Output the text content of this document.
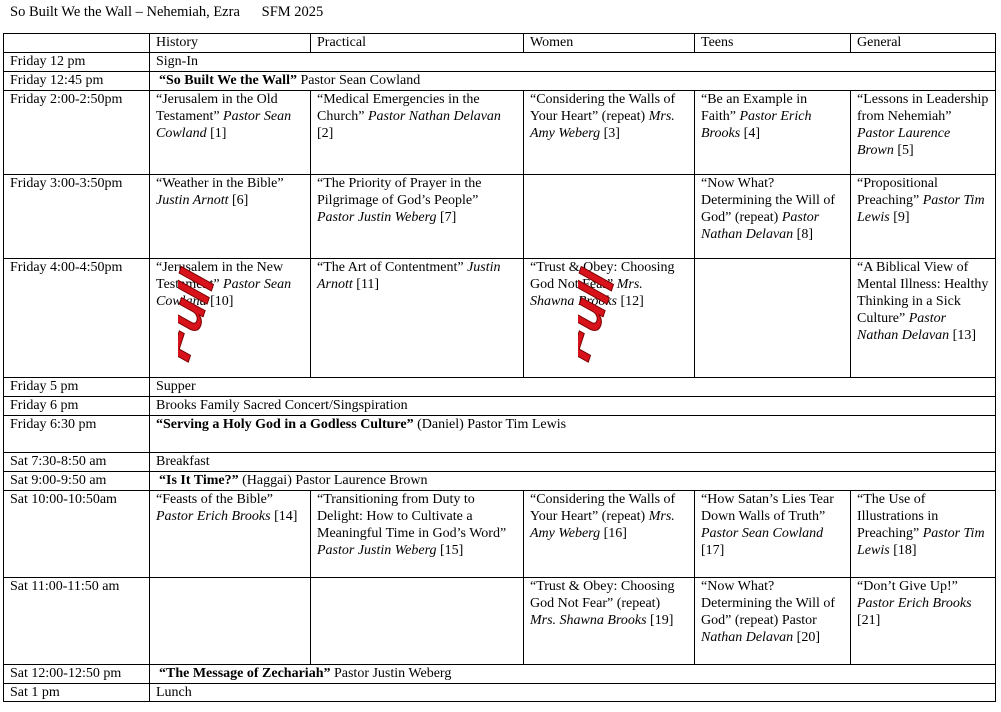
So Built We the Wall – Nehemiah, Ezra SFM 2025
	History	Practical	Women	Teens	General
Friday 12 pm	Sign-In				
Friday 12:45 pm	“So Built We the Wall” Pastor Sean Cowland				
Friday 2:00-2:50pm	“Jerusalem in the Old Testament” Pastor Sean Cowland [1]	“Medical Emergencies in the Church” Pastor Nathan Delavan [2]	“Considering the Walls of Your Heart” (repeat) Mrs. Amy Weberg [3]	“Be an Example in Faith” Pastor Erich Brooks [4]	“Lessons in Leadership from Nehemiah” Pastor Laurence Brown [5]
Friday 3:00-3:50pm	“Weather in the Bible” Justin Arnott [6]	“The Priority of Prayer in the Pilgrimage of God’s People” Pastor Justin Weberg [7]		“Now What? Determining the Will of God” (repeat) Pastor Nathan Delavan [8]	“Propositional Preaching” Pastor Tim Lewis [9]
Friday 4:00-4:50pm	“Jerusalem in the New Testament” Pastor Sean Cowland [10]	“The Art of Contentment” Justin Arnott [11]	“Trust & Obey: Choosing God Not Fear” Mrs. Shawna Brooks [12]		“A Biblical View of Mental Illness: Healthy Thinking in a Sick Culture” Pastor Nathan Delavan [13]
Friday 5 pm	Supper				
Friday 6 pm	Brooks Family Sacred Concert/Singspiration				
Friday 6:30 pm	“Serving a Holy God in a Godless Culture” (Daniel) Pastor Tim Lewis				
Sat 7:30-8:50 am	Breakfast				
Sat 9:00-9:50 am	“Is It Time?” (Haggai) Pastor Laurence Brown				
Sat 10:00-10:50am	“Feasts of the Bible” Pastor Erich Brooks [14]	“Transitioning from Duty to Delight: How to Cultivate a Meaningful Time in God’s Word” Pastor Justin Weberg [15]	“Considering the Walls of Your Heart” (repeat) Mrs. Amy Weberg [16]	“How Satan’s Lies Tear Down Walls of Truth” Pastor Sean Cowland [17]	“The Use of Illustrations in Preaching” Pastor Tim Lewis [18]
Sat 11:00-11:50 am			“Trust & Obey: Choosing God Not Fear” (repeat) Mrs. Shawna Brooks [19]	“Now What? Determining the Will of God” (repeat) Pastor Nathan Delavan [20]	“Don’t Give Up!” Pastor Erich Brooks [21]
Sat 12:00-12:50 pm	“The Message of Zechariah” Pastor Justin Weberg				
Sat 1 pm	Lunch				
Full	Full
